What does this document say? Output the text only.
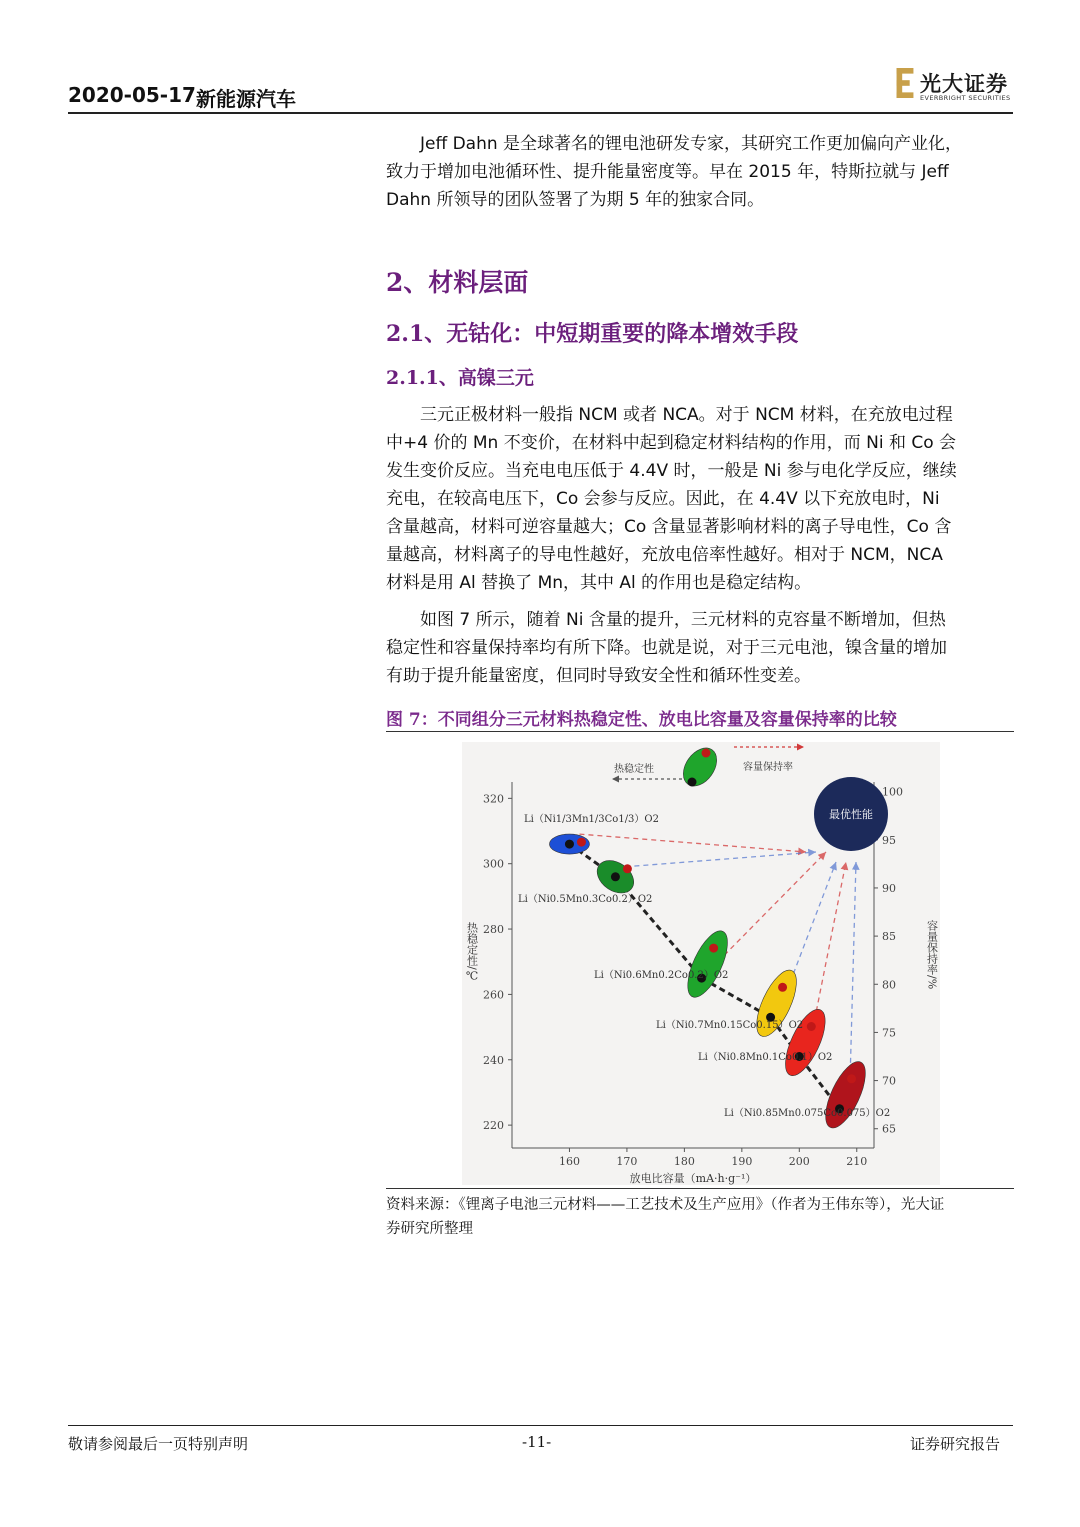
2020-05-17 新能源汽车
光大证券
EVERBRIGHT SECURITIES
Jeff Dahn 是全球著名的锂电池研发专家，其研究工作更加偏向产业化，
致力于增加电池循环性、提升能量密度等。早在 2015 年，特斯拉就与 Jeff
Dahn 所领导的团队签署了为期 5 年的独家合同。
2、材料层面
2.1、无钴化：中短期重要的降本增效手段
2.1.1、高镍三元
三元正极材料一般指 NCM 或者 NCA。对于 NCM 材料，在充放电过程
中+4 价的 Mn 不变价，在材料中起到稳定材料结构的作用，而 Ni 和 Co 会
发生变价反应。当充电电压低于 4.4V 时，一般是 Ni 参与电化学反应，继续
充电，在较高电压下，Co 会参与反应。因此，在 4.4V 以下充放电时，Ni
含量越高，材料可逆容量越大；Co 含量显著影响材料的离子导电性，Co 含
量越高，材料离子的导电性越好，充放电倍率性越好。相对于 NCM，NCA
材料是用 Al 替换了 Mn，其中 Al 的作用也是稳定结构。
如图 7 所示，随着 Ni 含量的提升，三元材料的克容量不断增加，但热
稳定性和容量保持率均有所下降。也就是说，对于三元电池，镍含量的增加
有助于提升能量密度，但同时导致安全性和循环性变差。
图 7：不同组分三元材料热稳定性、放电比容量及容量保持率的比较
160	170	180	190	200	210
220
240
260
280
300
320
65
70
75
80
85
90
95
100
放电比容量（mA·h·g⁻¹）
热稳定性/℃	容量保持率/%
最优性能
Li（Ni1/3Mn1/3Co1/3）O2
Li（Ni0.5Mn0.3Co0.2）O2
Li（Ni0.6Mn0.2Co0.2）O2
Li（Ni0.7Mn0.15Co0.15）O2
Li（Ni0.8Mn0.1Co0.1）O2
Li（Ni0.85Mn0.075Co0.075）O2
热稳定性	容量保持率
资料来源：《锂离子电池三元材料——工艺技术及生产应用》（作者为王伟东等），光大证
券研究所整理
敬请参阅最后一页特别声明	-11-	证券研究报告
